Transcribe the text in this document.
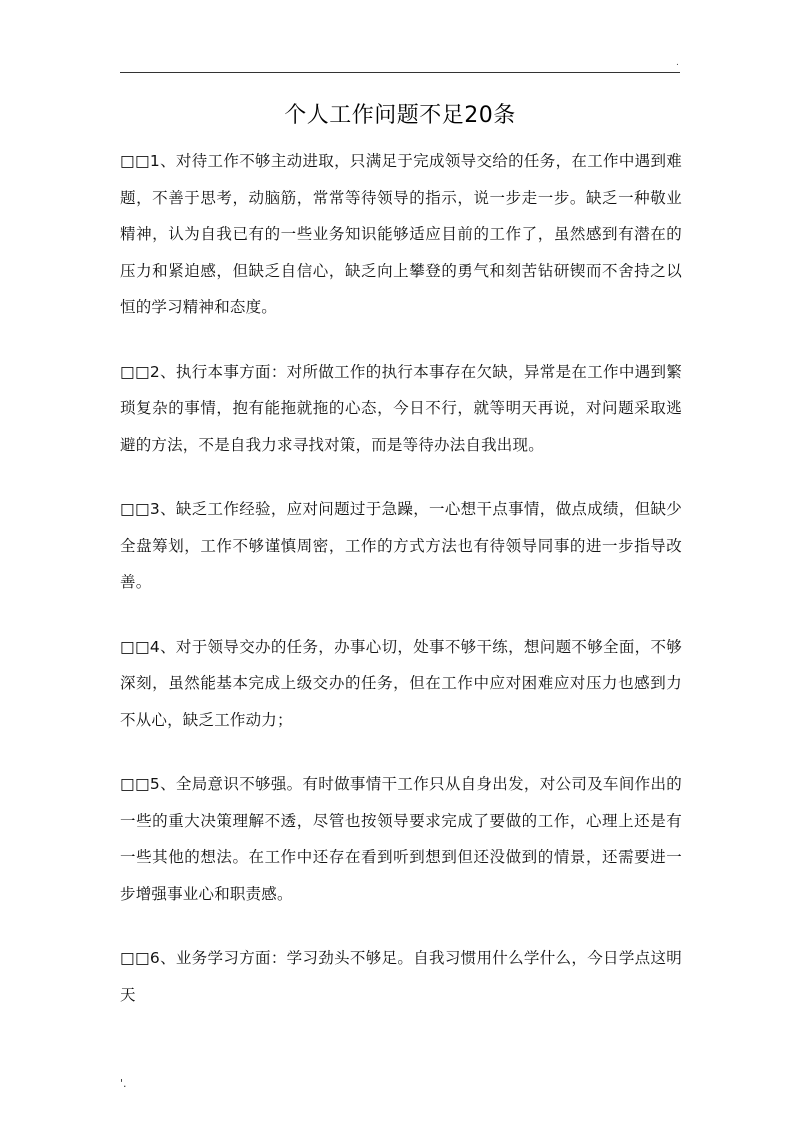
.
个人工作问题不足20条

□□1、对待工作不够主动进取，只满足于完成领导交给的任务，在工作中遇到难题，不善于思考，动脑筋，常常等待领导的指示，说一步走一步。缺乏一种敬业精神，认为自我已有的一些业务知识能够适应目前的工作了，虽然感到有潜在的压力和紧迫感，但缺乏自信心，缺乏向上攀登的勇气和刻苦钻研锲而不舍持之以恒的学习精神和态度。

□□2、执行本事方面：对所做工作的执行本事存在欠缺，异常是在工作中遇到繁琐复杂的事情，抱有能拖就拖的心态，今日不行，就等明天再说，对问题采取逃避的方法，不是自我力求寻找对策，而是等待办法自我出现。

□□3、缺乏工作经验，应对问题过于急躁，一心想干点事情，做点成绩，但缺少全盘筹划，工作不够谨慎周密，工作的方式方法也有待领导同事的进一步指导改善。

□□4、对于领导交办的任务，办事心切，处事不够干练，想问题不够全面，不够深刻，虽然能基本完成上级交办的任务，但在工作中应对困难应对压力也感到力不从心，缺乏工作动力；

□□5、全局意识不够强。有时做事情干工作只从自身出发，对公司及车间作出的一些的重大决策理解不透，尽管也按领导要求完成了要做的工作，心理上还是有一些其他的想法。在工作中还存在看到听到想到但还没做到的情景，还需要进一步增强事业心和职责感。

□□6、业务学习方面：学习劲头不够足。自我习惯用什么学什么，今日学点这明天

'.
